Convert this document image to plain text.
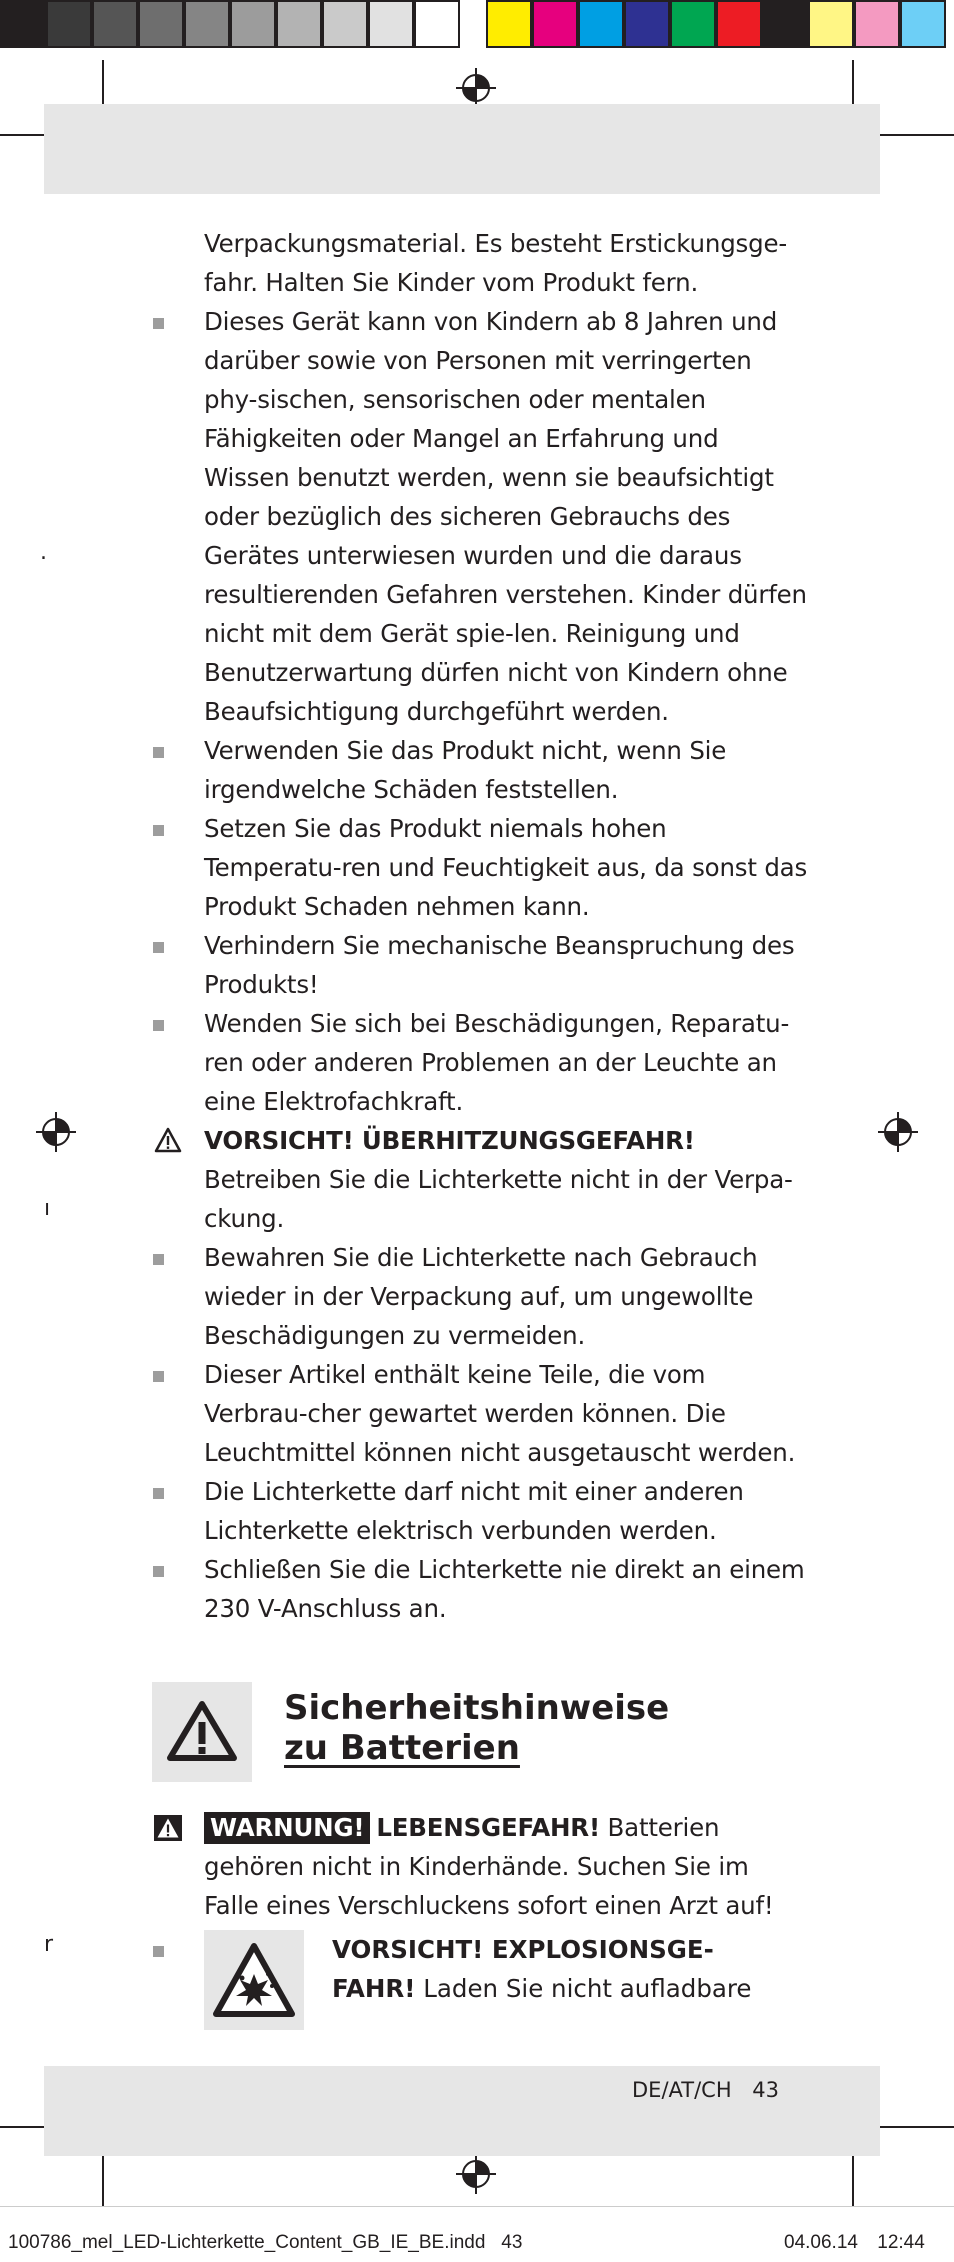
.
ı
r
Verpackungsmaterial. Es besteht Erstickungsge-fahr. Halten Sie Kinder vom Produkt fern.
Dieses Gerät kann von Kindern ab 8 Jahren und darüber sowie von Personen mit verringerten phy-sischen, sensorischen oder mentalen Fähigkeiten oder Mangel an Erfahrung und Wissen benutzt werden, wenn sie beaufsichtigt oder bezüglich des sicheren Gebrauchs des Gerätes unterwiesen wurden und die daraus resultierenden Gefahren verstehen. Kinder dürfen nicht mit dem Gerät spie-len. Reinigung und Benutzerwartung dürfen nicht von Kindern ohne Beaufsichtigung durchgeführt werden.
Verwenden Sie das Produkt nicht, wenn Sie irgendwelche Schäden feststellen.
Setzen Sie das Produkt niemals hohen Temperatu-ren und Feuchtigkeit aus, da sonst das Produkt Schaden nehmen kann.
Verhindern Sie mechanische Beanspruchung des Produkts!
Wenden Sie sich bei Beschädigungen, Reparatu-ren oder anderen Problemen an der Leuchte an eine Elektrofachkraft.
VORSICHT! ÜBERHITZUNGSGEFAHR!
Betreiben Sie die Lichterkette nicht in der Verpa-ckung.
Bewahren Sie die Lichterkette nach Gebrauch wieder in der Verpackung auf, um ungewollte Beschädigungen zu vermeiden.
Dieser Artikel enthält keine Teile, die vom Verbrau-cher gewartet werden können. Die Leuchtmittel können nicht ausgetauscht werden.
Die Lichterkette darf nicht mit einer anderen Lichterkette elektrisch verbunden werden.
Schließen Sie die Lichterkette nie direkt an einem 230 V-Anschluss an.
Sicherheitshinweise
zu Batterien
WARNUNG! LEBENSGEFAHR! Batterien gehören nicht in Kinderhände. Suchen Sie im Falle eines Verschluckens sofort einen Arzt auf!
VORSICHT! EXPLOSIONSGE-
FAHR! Laden Sie nicht aufladbare
DE/AT/CH 43
100786_mel_LED-Lichterkette_Content_GB_IE_BE.indd   43	04.06.14 12:44
